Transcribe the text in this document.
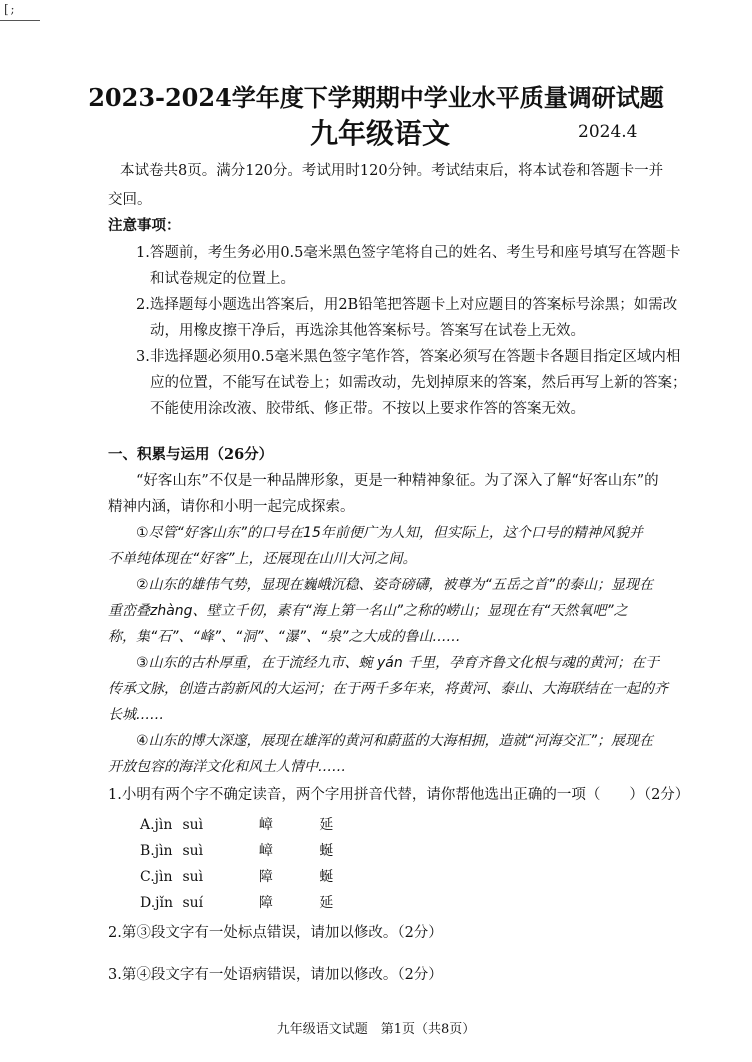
[ ;
2023-2024学年度下学期期中学业水平质量调研试题
九年级语文	2024.4
本试卷共8页。满分120分。考试用时120分钟。考试结束后，将本试卷和答题卡一并
交回。
注意事项：
1.答题前，考生务必用0.5毫米黑色签字笔将自己的姓名、考生号和座号填写在答题卡
和试卷规定的位置上。
2.选择题每小题选出答案后，用2B铅笔把答题卡上对应题目的答案标号涂黑；如需改
动，用橡皮擦干净后，再选涂其他答案标号。答案写在试卷上无效。
3.非选择题必须用0.5毫米黑色签字笔作答，答案必须写在答题卡各题目指定区域内相
应的位置，不能写在试卷上；如需改动，先划掉原来的答案，然后再写上新的答案；
不能使用涂改液、胶带纸、修正带。不按以上要求作答的答案无效。
一、积累与运用（26分）
“好客山东”不仅是一种品牌形象，更是一种精神象征。为了深入了解“好客山东”的
精神内涵，请你和小明一起完成探索。
①尽管“好客山东”的口号在15年前便广为人知，但实际上，这个口号的精神风貌并
不单纯体现在“好客”上，还展现在山川大河之间。
②山东的雄伟气势，显现在巍峨沉稳、姿奇磅礴，被尊为“五岳之首”的泰山；显现在
重峦叠zhàng、壁立千仞，素有“海上第一名山”之称的崂山；显现在有“天然氧吧”之
称，集“石”、“峰”、“洞”、“瀑”、“泉”之大成的鲁山……
③山东的古朴厚重，在于流经九市、蜿 yán 千里，孕育齐鲁文化根与魂的黄河；在于
传承文脉，创造古韵新风的大运河；在于两千多年来，将黄河、泰山、大海联结在一起的齐
长城……
④山东的博大深邃，展现在雄浑的黄河和蔚蓝的大海相拥，造就“河海交汇”；展现在
开放包容的海洋文化和风土人情中……
1.小明有两个字不确定读音，两个字用拼音代替，请你帮他选出正确的一项（　　）（2分）
A.jìn suì	嶂	延
B.jìn suì	嶂	蜒
C.jìn suì	障	蜒
D.jǐn suí	障	延
2.第③段文字有一处标点错误，请加以修改。（2分）
3.第④段文字有一处语病错误，请加以修改。（2分）
九年级语文试题　第1页（共8页）
